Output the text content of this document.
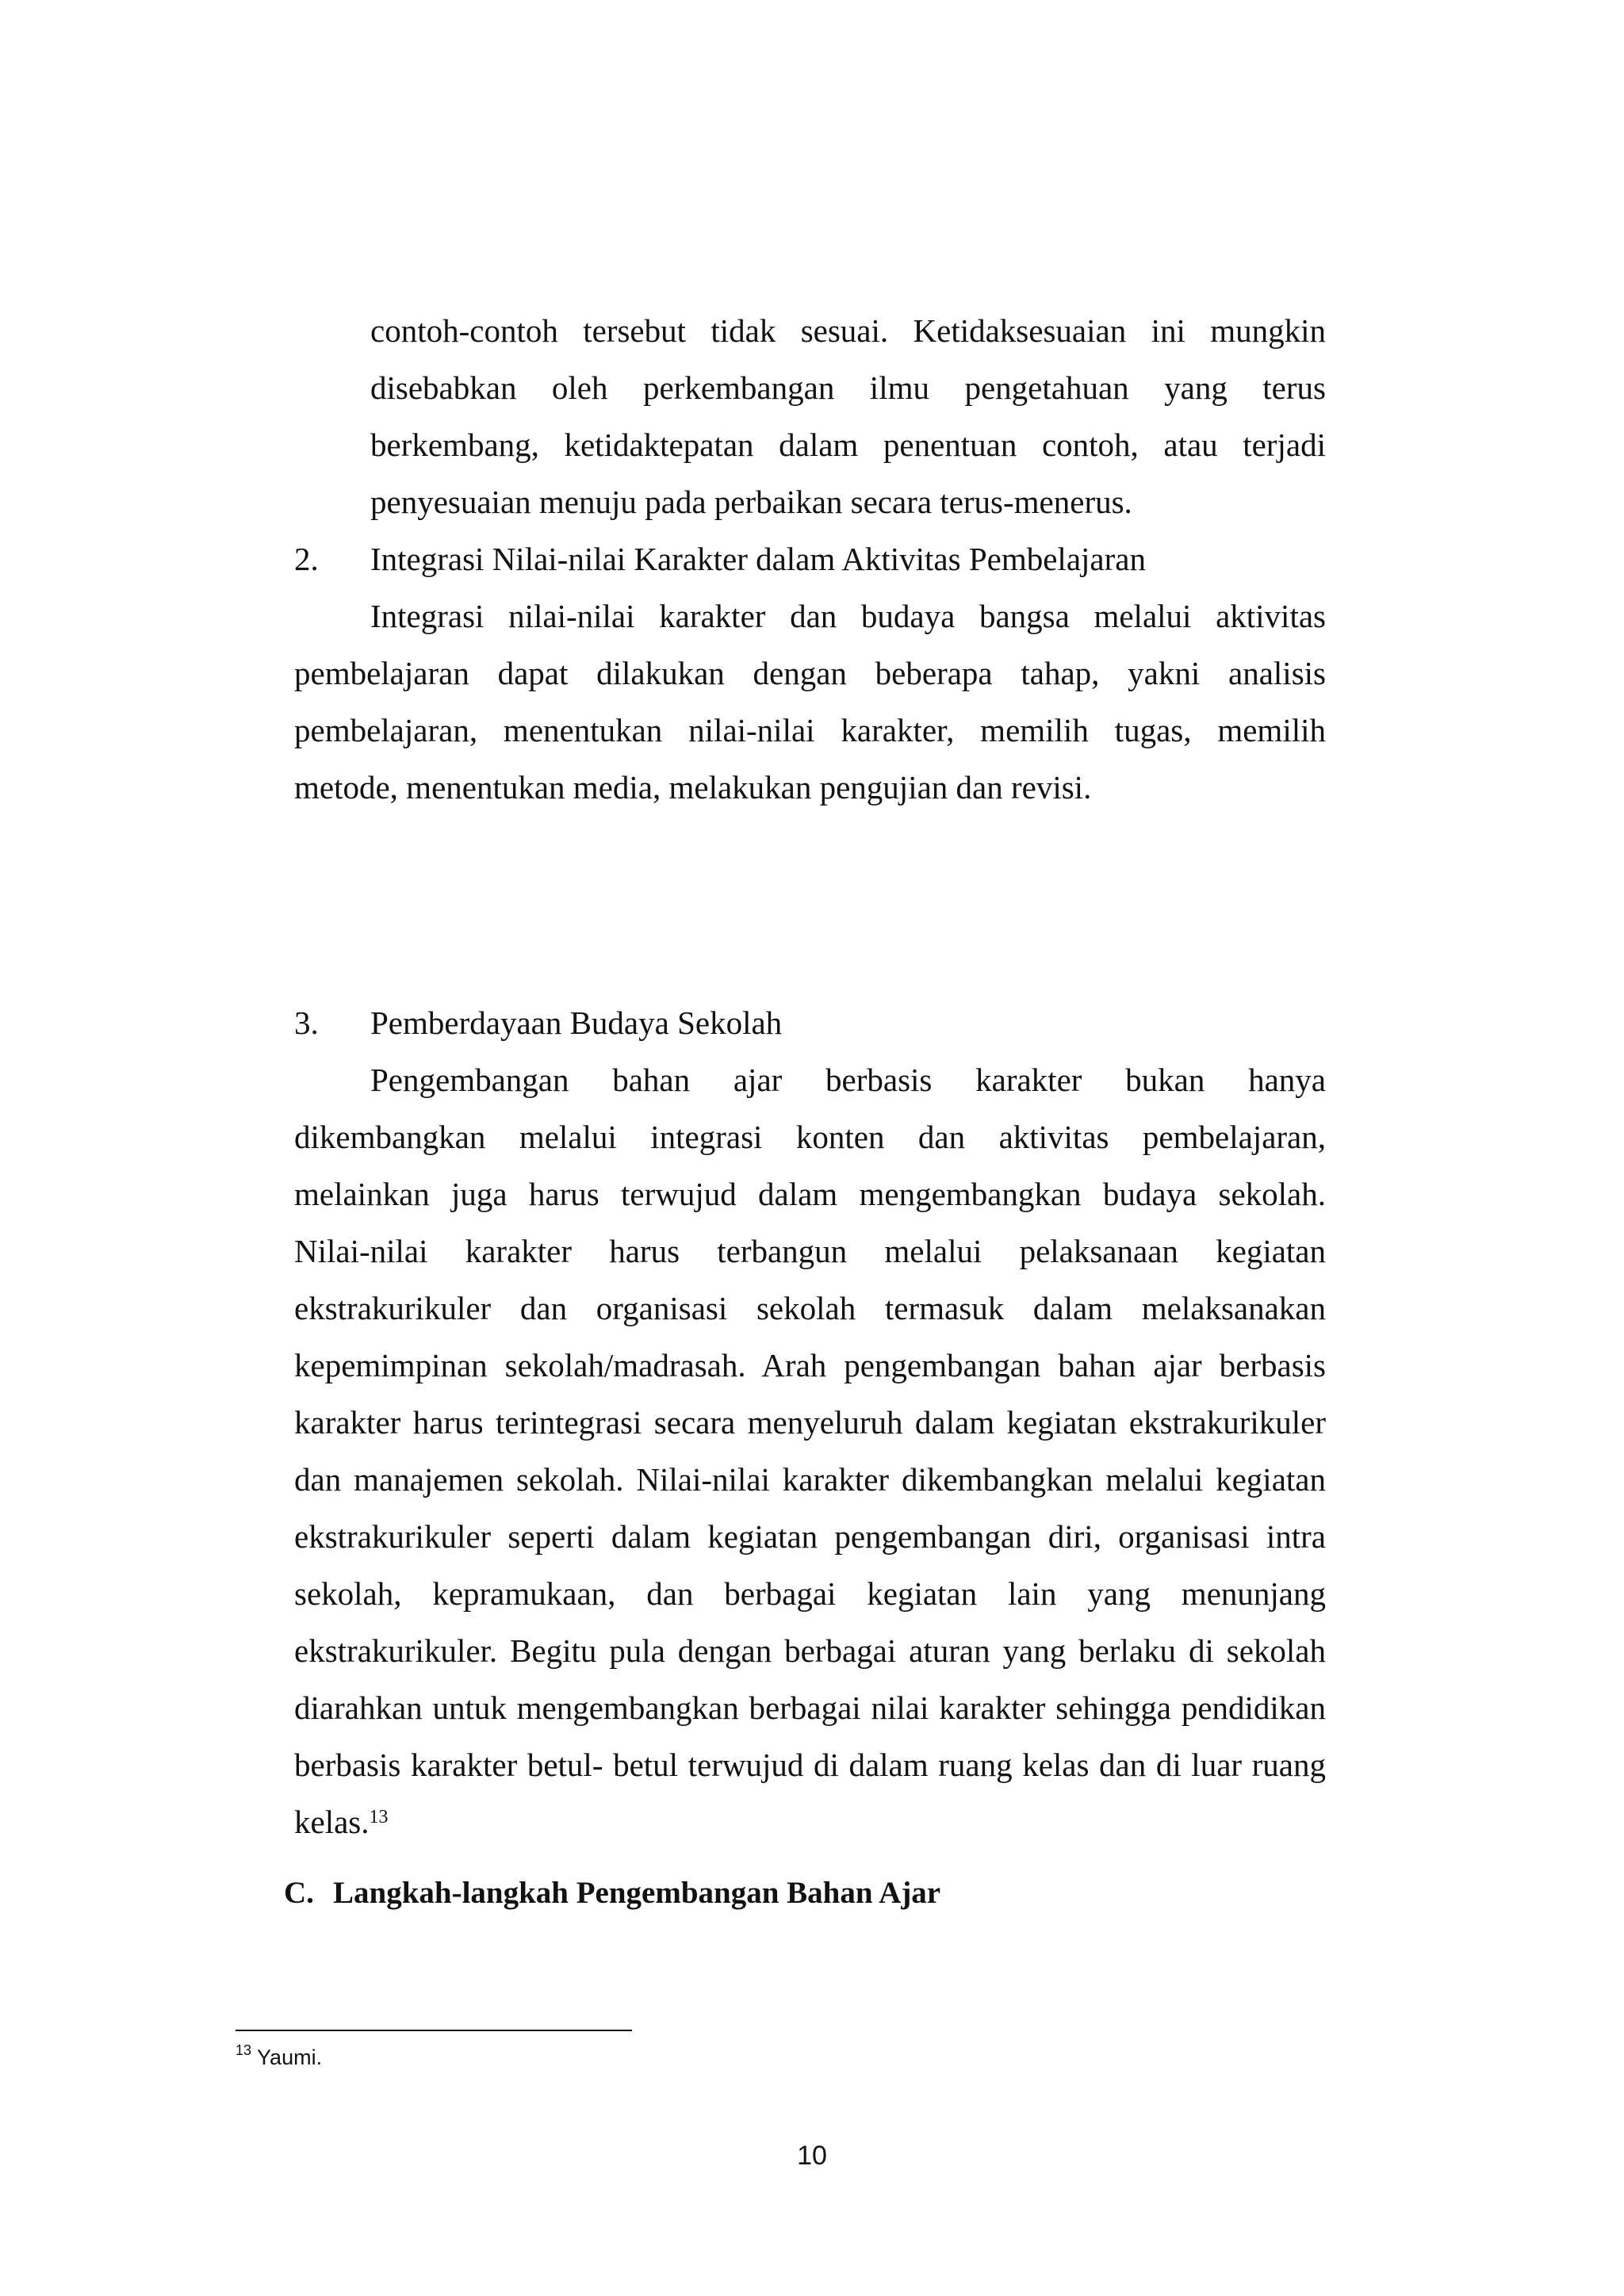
contoh-contoh tersebut tidak sesuai. Ketidaksesuaian ini mungkin
disebabkan oleh perkembangan ilmu pengetahuan yang terus
berkembang, ketidaktepatan dalam penentuan contoh, atau terjadi
penyesuaian menuju pada perbaikan secara terus-menerus.
2.	Integrasi Nilai-nilai Karakter dalam Aktivitas Pembelajaran
Integrasi nilai-nilai karakter dan budaya bangsa melalui aktivitas
pembelajaran dapat dilakukan dengan beberapa tahap, yakni analisis
pembelajaran, menentukan nilai-nilai karakter, memilih tugas, memilih
metode, menentukan media, melakukan pengujian dan revisi.
3.	Pemberdayaan Budaya Sekolah
Pengembangan bahan ajar berbasis karakter bukan hanya
dikembangkan melalui integrasi konten dan aktivitas pembelajaran,
melainkan juga harus terwujud dalam mengembangkan budaya sekolah.
Nilai-nilai karakter harus terbangun melalui pelaksanaan kegiatan
ekstrakurikuler dan organisasi sekolah termasuk dalam melaksanakan
kepemimpinan sekolah/madrasah. Arah pengembangan bahan ajar berbasis
karakter harus terintegrasi secara menyeluruh dalam kegiatan ekstrakurikuler
dan manajemen sekolah. Nilai-nilai karakter dikembangkan melalui kegiatan
ekstrakurikuler seperti dalam kegiatan pengembangan diri, organisasi intra
sekolah, kepramukaan, dan berbagai kegiatan lain yang menunjang
ekstrakurikuler. Begitu pula dengan berbagai aturan yang berlaku di sekolah
diarahkan untuk mengembangkan berbagai nilai karakter sehingga pendidikan
berbasis karakter betul- betul terwujud di dalam ruang kelas dan di luar ruang
kelas.$^{13}$
C. Langkah-langkah Pengembangan Bahan Ajar
$^{13}$ Yaumi.
10
